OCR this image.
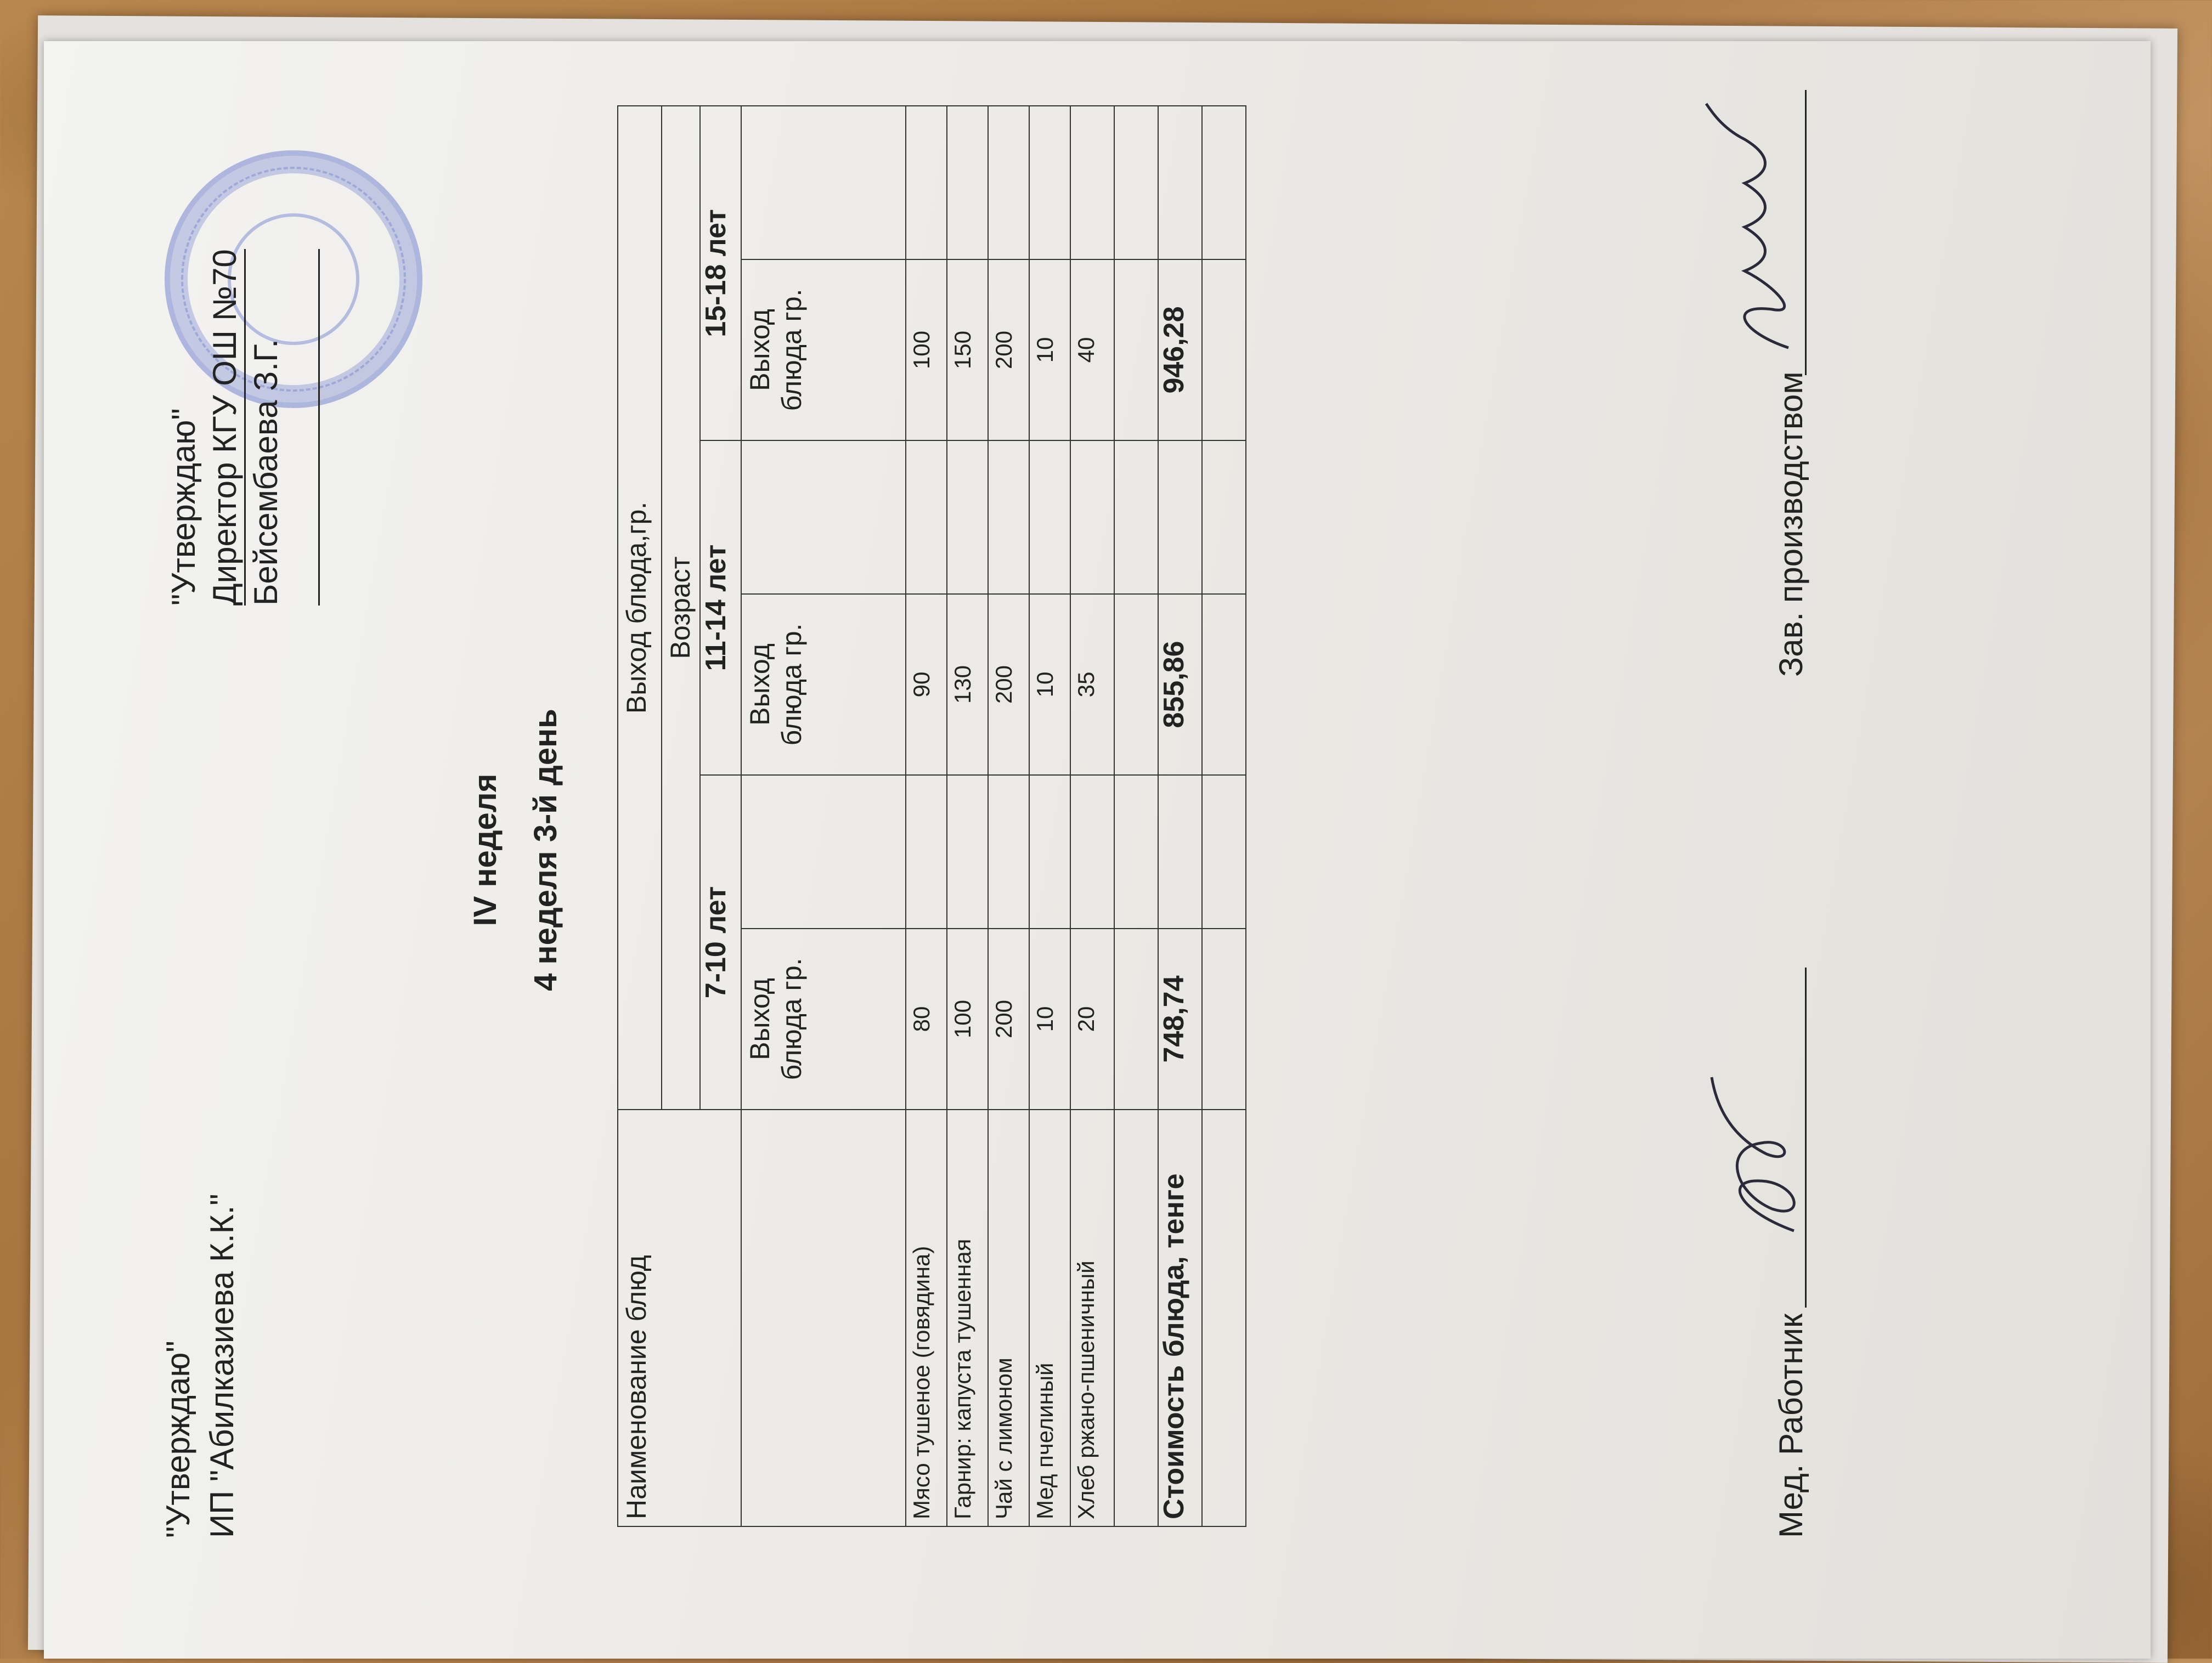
"Утверждаю" ИП "Абилказиева К.К."
"Утверждаю" Директор КГУ ОШ №70 Бейсембаева З.Г.
IV неделя 4 неделя 3-й день
Наименование блюд	Выход блюда,гр.					
	Возраст					
	7-10 лет		11-14 лет		15-18 лет	
	Выход блюда гр.		Выход блюда гр.		Выход блюда гр.	
Мясо тушеное (говядина)	80		90		100	
Гарнир: капуста тушенная	100		130		150	
Чай с лимоном	200		200		200	
Мед пчелиный	10		10		10	
Хлеб ржано-пшеничный	20		35		40	

Стоимость блюда, тенге	748,74		855,86		946,28	

Мед. Работник
Зав. производством
